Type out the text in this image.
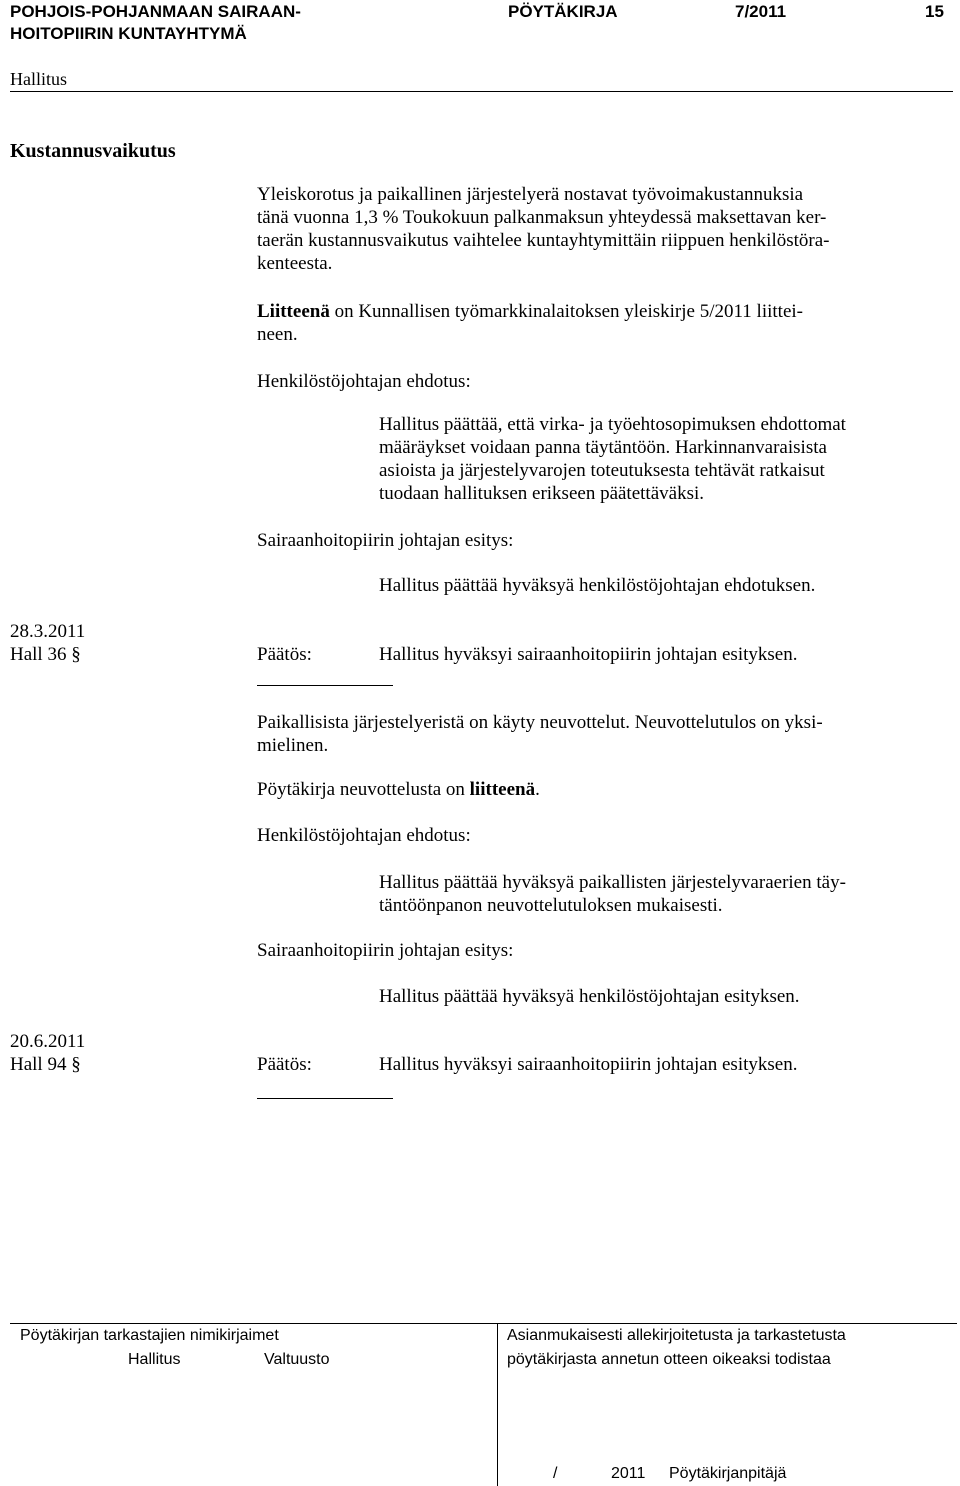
POHJOIS-POHJANMAAN SAIRAAN-
HOITOPIIRIN KUNTAYHTYMÄ
PÖYTÄKIRJA	7/2011	15
Hallitus
Kustannusvaikutus
Yleiskorotus ja paikallinen järjestelyerä nostavat työvoimakustannuksia
tänä vuonna 1,3 % Toukokuun palkanmaksun yhteydessä maksettavan ker-
taerän kustannusvaikutus vaihtelee kuntayhtymittäin riippuen henkilöstöra-
kenteesta.
Liitteenä on Kunnallisen työmarkkinalaitoksen yleiskirje 5/2011 liittei-
neen.
Henkilöstöjohtajan ehdotus:
Hallitus päättää, että virka- ja työehtosopimuksen ehdottomat
määräykset voidaan panna täytäntöön. Harkinnanvaraisista
asioista ja järjestelyvarojen toteutuksesta tehtävät ratkaisut
tuodaan hallituksen erikseen päätettäväksi.
Sairaanhoitopiirin johtajan esitys:
Hallitus päättää hyväksyä henkilöstöjohtajan ehdotuksen.
28.3.2011
Hall 36 §	Päätös:	Hallitus hyväksyi sairaanhoitopiirin johtajan esityksen.
Paikallisista järjestelyeristä on käyty neuvottelut. Neuvottelutulos on yksi-
mielinen.
Pöytäkirja neuvottelusta on liitteenä.
Henkilöstöjohtajan ehdotus:
Hallitus päättää hyväksyä paikallisten järjestelyvaraerien täy-
täntöönpanon neuvottelutuloksen mukaisesti.
Sairaanhoitopiirin johtajan esitys:
Hallitus päättää hyväksyä henkilöstöjohtajan esityksen.
20.6.2011
Hall 94 §	Päätös:	Hallitus hyväksyi sairaanhoitopiirin johtajan esityksen.
Pöytäkirjan tarkastajien nimikirjaimet
Hallitus	Valtuusto
Asianmukaisesti allekirjoitetusta ja tarkastetusta
pöytäkirjasta annetun otteen oikeaksi todistaa
/	2011 Pöytäkirjanpitäjä
